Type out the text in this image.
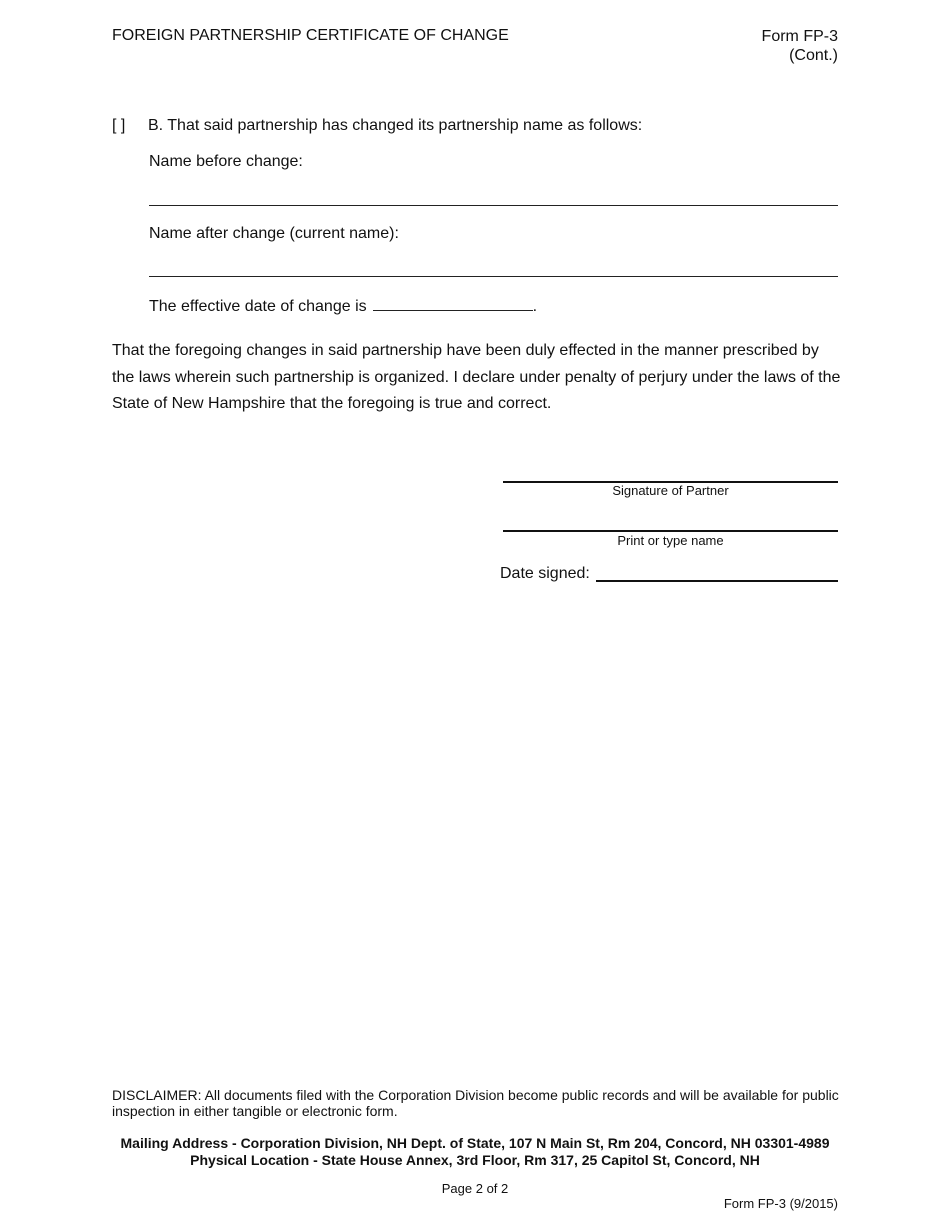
FOREIGN PARTNERSHIP CERTIFICATE OF CHANGE	Form FP-3
(Cont.)
[ ] B. That said partnership has changed its partnership name as follows:
Name before change:
Name after change (current name):
The effective date of change is	.
That the foregoing changes in said partnership have been duly effected in the manner prescribed by the laws wherein such partnership is organized. I declare under penalty of perjury under the laws of the State of New Hampshire that the foregoing is true and correct.
Signature of Partner
Print or type name
Date signed:
DISCLAIMER: All documents filed with the Corporation Division become public records and will be available for public inspection in either tangible or electronic form.
Mailing Address - Corporation Division, NH Dept. of State, 107 N Main St, Rm 204, Concord, NH 03301-4989
Physical Location - State House Annex, 3rd Floor, Rm 317, 25 Capitol St, Concord, NH
Page 2 of 2
Form FP-3 (9/2015)
